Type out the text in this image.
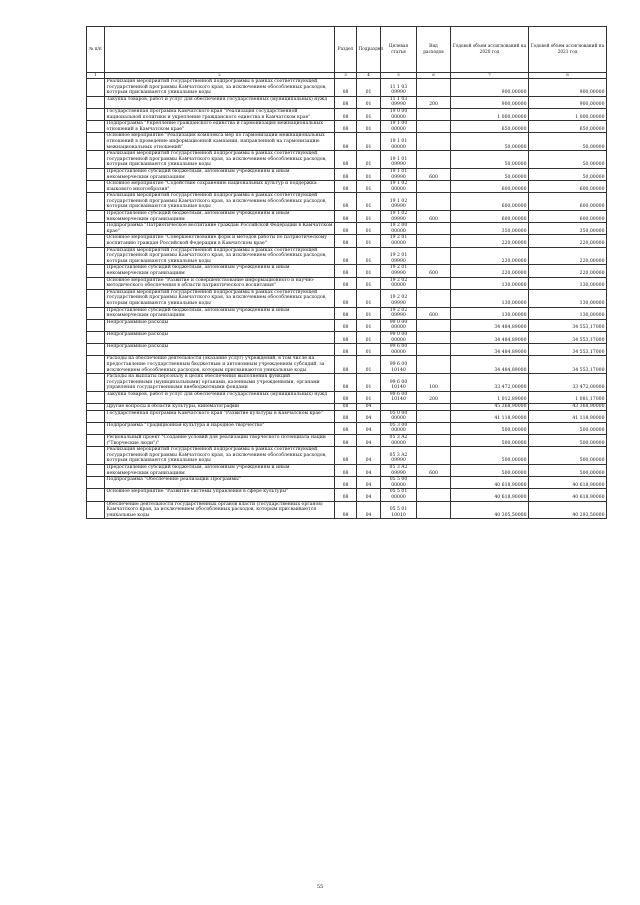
№ п/п		Раздел	Подраздел	Целевая статья	Вид расходов	Годовой объем ассигнований на 2020 год	Годовой объем ассигнований на 2021 год
1	2	3	4	5	6	7	8
	Реализация мероприятий государственной подпрограммы в рамках соответствующей государственной программы Камчатского края, за исключением обособленных расходов, которым присваиваются уникальные коды	08	01	11 1 03 09990		900,00000	900,00000
	Закупка товаров, работ и услуг для обеспечения государственных (муниципальных) нужд	08	01	11 1 03 09990	200	900,00000	900,00000
	Государственная программа Камчатского края "Реализация государственной национальной политики и укрепление гражданского единства в Камчатском крае"	08	01	19 0 00 00000		1 000,00000	1 000,00000
	Подпрограмма "Укрепление гражданского единства и гармонизация межнациональных отношений в Камчатском крае"	08	01	19 1 00 00000		650,00000	650,00000
	Основное мероприятие "Реализация комплекса мер по гармонизации межнациональных отношений в проведение информационной кампании, направленной на гармонизацию межнациональных отношений"	08	01	19 1 01 00000		50,00000	50,00000
	Реализация мероприятий государственной подпрограммы в рамках соответствующей государственной программы Камчатского края, за исключением обособленных расходов, которым присваиваются уникальные коды	08	01	19 1 01 09990		50,00000	50,00000
	Предоставление субсидий бюджетным, автономным учреждениям и иным некоммерческим организациям	08	01	19 1 01 09990	600	50,00000	50,00000
	Основное мероприятие "Содействие сохранению национальных культур и поддержка языкового многообразия"	08	01	19 1 02 00000		600,00000	600,00000
	Реализация мероприятий государственной подпрограммы в рамках соответствующей государственной программы Камчатского края, за исключением обособленных расходов, которым присваиваются уникальные коды	08	01	19 1 02 09990		600,00000	600,00000
	Предоставление субсидий бюджетным, автономным учреждениям и иным некоммерческим организациям	08	01	19 1 02 09990	600	600,00000	600,00000
	Подпрограмма "Патриотическое воспитание граждан Российской Федерации в Камчатском крае"	08	01	19 2 00 00000		350,00000	350,00000
	Основное мероприятие "Совершенствование форм и методов работы по патриотическому воспитанию граждан Российской Федерации в Камчатском крае"	08	01	19 2 01 00000		220,00000	220,00000
	Реализация мероприятий государственной подпрограммы в рамках соответствующей государственной программы Камчатского края, за исключением обособленных расходов, которым присваиваются уникальные коды	08	01	19 2 01 09990		220,00000	220,00000
	Предоставление субсидий бюджетным, автономным учреждениям и иным некоммерческим организациям	08	01	19 2 01 09990	600	220,00000	220,00000
	Основное мероприятие "Развитие и совершенствование информационного и научно-методического обеспечения в области патриотического воспитания"	08	01	19 2 02 00000		130,00000	130,00000
	Реализация мероприятий государственной подпрограммы в рамках соответствующей государственной программы Камчатского края, за исключением обособленных расходов, которым присваиваются уникальные коды	08	01	19 2 02 09990		130,00000	130,00000
	Предоставление субсидий бюджетным, автономным учреждениям и иным некоммерческим организациям	08	01	19 2 02 09990	600	130,00000	130,00000
	Непрограммные расходы	08	01	99 0 00 00000		34 484,89000	34 553,17000
	Непрограммные расходы	08	01	99 0 00 00000		34 484,89000	34 553,17000
	Непрограммные расходы	08	01	99 6 00 00000		34 484,89000	34 553,17000
	Расходы на обеспечение деятельности (оказание услуг) учреждений, в том числе на предоставление государственным бюджетным и автономным учреждениям субсидий, за исключением обособленных расходов, которым присваиваются уникальные коды	08	01	99 6 00 10140		34 484,89000	34 553,17000
	Расходы на выплаты персоналу в целях обеспечения выполнения функций государственными (муниципальными) органами, казенными учреждениями, органами управления государственными внебюджетными фондами	08	01	99 6 00 10140	100	33 472,00000	33 472,00000
	Закупка товаров, работ и услуг для обеспечения государственных (муниципальных) нужд	08	01	99 6 00 10140	200	1 012,89000	1 081,17000
	Другие вопросы в области культуры, кинематографии	08	04			45 368,90000	43 368,90000
	Государственная программа Камчатского края "Развитие культуры в Камчатском крае"	08	04	05 0 00 00000		41 118,90000	41 118,90000
	Подпрограмма "Традиционная культура и народное творчество"	08	04	05 3 00 00000		500,00000	500,00000
	Региональный проект "Создание условий для реализации творческого потенциала нации ("Творческие люди")"	08	04	05 3 A2 00000		500,00000	500,00000
	Реализация мероприятий государственной подпрограммы в рамках соответствующей государственной программы Камчатского края, за исключением обособленных расходов, которым присваиваются уникальные коды	08	04	05 3 A2 09990		500,00000	500,00000
	Предоставление субсидий бюджетным, автономным учреждениям и иным некоммерческим организациям	08	04	05 3 A2 09990	600	500,00000	500,00000
	Подпрограмма "Обеспечение реализации Программы"	08	04	05 5 00 00000		40 618,90000	40 618,90000
	Основное мероприятие "Развитие системы управления в сфере культуры"	08	04	05 5 01 00000		40 618,90000	40 618,90000
	Обеспечение деятельности государственных органов власти (государственных органов) Камчатского края, за исключением обособленных расходов, которым присваиваются уникальные коды	08	04	05 5 01 10010		40 305,50000	40 293,50000
55
